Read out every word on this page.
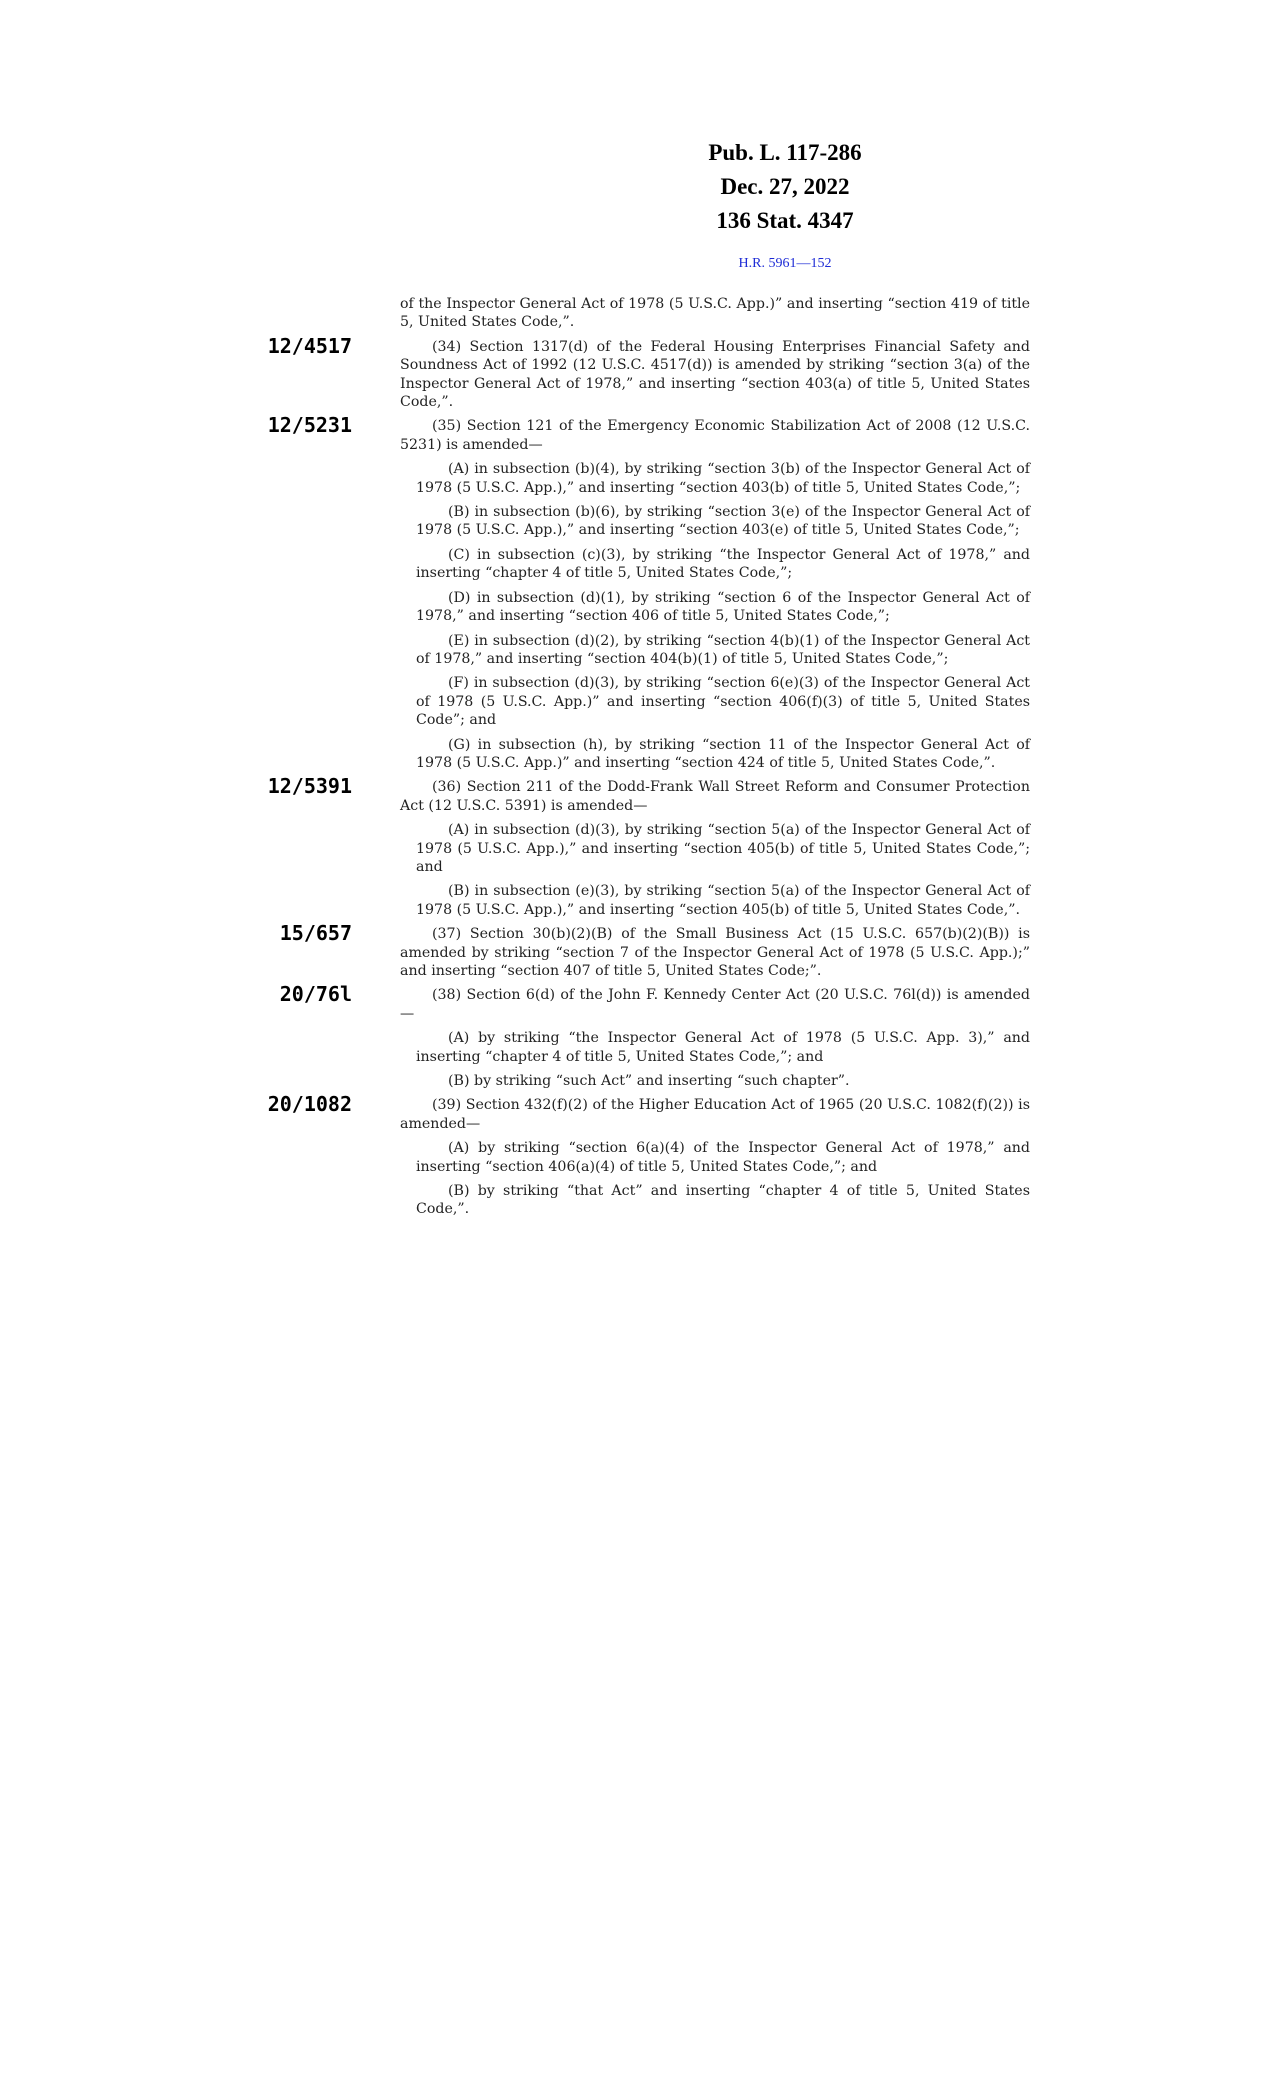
Pub. L. 117-286
Dec. 27, 2022
136 Stat. 4347
H.R. 5961—152

of the Inspector General Act of 1978 (5 U.S.C. App.)” and inserting “section 419 of title 5, United States Code,”.

12/4517	(34) Section 1317(d) of the Federal Housing Enterprises Financial Safety and Soundness Act of 1992 (12 U.S.C. 4517(d)) is amended by striking “section 3(a) of the Inspector General Act of 1978,” and inserting “section 403(a) of title 5, United States Code,”.

12/5231	(35) Section 121 of the Emergency Economic Stabilization Act of 2008 (12 U.S.C. 5231) is amended—

(A) in subsection (b)(4), by striking “section 3(b) of the Inspector General Act of 1978 (5 U.S.C. App.),” and inserting “section 403(b) of title 5, United States Code,”;

(B) in subsection (b)(6), by striking “section 3(e) of the Inspector General Act of 1978 (5 U.S.C. App.),” and inserting “section 403(e) of title 5, United States Code,”;

(C) in subsection (c)(3), by striking “the Inspector General Act of 1978,” and inserting “chapter 4 of title 5, United States Code,”;

(D) in subsection (d)(1), by striking “section 6 of the Inspector General Act of 1978,” and inserting “section 406 of title 5, United States Code,”;

(E) in subsection (d)(2), by striking “section 4(b)(1) of the Inspector General Act of 1978,” and inserting “section 404(b)(1) of title 5, United States Code,”;

(F) in subsection (d)(3), by striking “section 6(e)(3) of the Inspector General Act of 1978 (5 U.S.C. App.)” and inserting “section 406(f)(3) of title 5, United States Code”; and

(G) in subsection (h), by striking “section 11 of the Inspector General Act of 1978 (5 U.S.C. App.)” and inserting “section 424 of title 5, United States Code,”.

12/5391	(36) Section 211 of the Dodd-Frank Wall Street Reform and Consumer Protection Act (12 U.S.C. 5391) is amended—

(A) in subsection (d)(3), by striking “section 5(a) of the Inspector General Act of 1978 (5 U.S.C. App.),” and inserting “section 405(b) of title 5, United States Code,”; and

(B) in subsection (e)(3), by striking “section 5(a) of the Inspector General Act of 1978 (5 U.S.C. App.),” and inserting “section 405(b) of title 5, United States Code,”.

15/657	(37) Section 30(b)(2)(B) of the Small Business Act (15 U.S.C. 657(b)(2)(B)) is amended by striking “section 7 of the Inspector General Act of 1978 (5 U.S.C. App.);” and inserting “section 407 of title 5, United States Code;”.

20/76l	(38) Section 6(d) of the John F. Kennedy Center Act (20 U.S.C. 76l(d)) is amended—

(A) by striking “the Inspector General Act of 1978 (5 U.S.C. App. 3),” and inserting “chapter 4 of title 5, United States Code,”; and

(B) by striking “such Act” and inserting “such chapter”.

20/1082	(39) Section 432(f)(2) of the Higher Education Act of 1965 (20 U.S.C. 1082(f)(2)) is amended—

(A) by striking “section 6(a)(4) of the Inspector General Act of 1978,” and inserting “section 406(a)(4) of title 5, United States Code,”; and

(B) by striking “that Act” and inserting “chapter 4 of title 5, United States Code,”.
